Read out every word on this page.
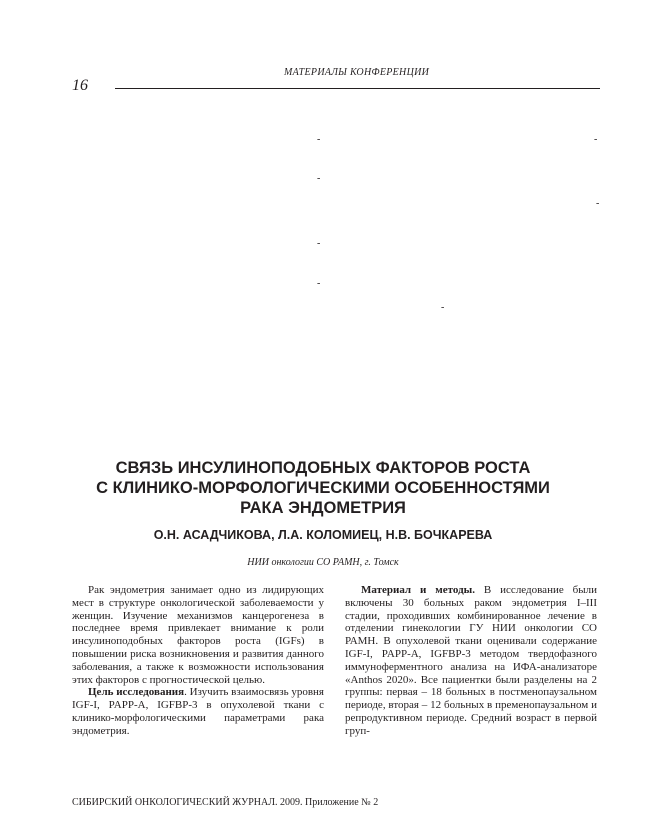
МАТЕРИАЛЫ КОНФЕРЕНЦИИ
16
-	-
-
-
-
-
-
СВЯЗЬ ИНСУЛИНОПОДОБНЫХ ФАКТОРОВ РОСТА
С КЛИНИКО-МОРФОЛОГИЧЕСКИМИ ОСОБЕННОСТЯМИ
РАКА ЭНДОМЕТРИЯ
О.Н. АСАДЧИКОВА, Л.А. КОЛОМИЕЦ, Н.В. БОЧКАРЕВА
НИИ онкологии СО РАМН, г. Томск

Рак эндометрия занимает одно из лидирующих мест в структуре онкологической заболеваемости у женщин. Изучение механизмов канцерогенеза в последнее время привлекает внимание к роли инсулиноподобных факторов роста (IGFs) в повышении риска возникновения и развития данного заболевания, а также к возможности использования этих факторов с прогностической целью.

Цель исследования. Изучить взаимосвязь уровня IGF-I, PAPP-A, IGFBP-3 в опухолевой ткани с клинико-морфологическими параметрами рака эндометрия.

Материал и методы. В исследование были включены 30 больных раком эндометрия I–III стадии, проходивших комбинированное лечение в отделении гинекологии ГУ НИИ онкологии СО РАМН. В опухолевой ткани оценивали содержание IGF-I, PAPP-A, IGFBP-3 методом твердофазного иммуноферментного анализа на ИФА-анализаторе «Anthos 2020». Все пациентки были разделены на 2 группы: первая – 18 больных в постменопаузальном периоде, вторая – 12 больных в пременопаузальном и репродуктивном периоде. Средний возраст в первой груп-

СИБИРСКИЙ ОНКОЛОГИЧЕСКИЙ ЖУРНАЛ. 2009. Приложение № 2
